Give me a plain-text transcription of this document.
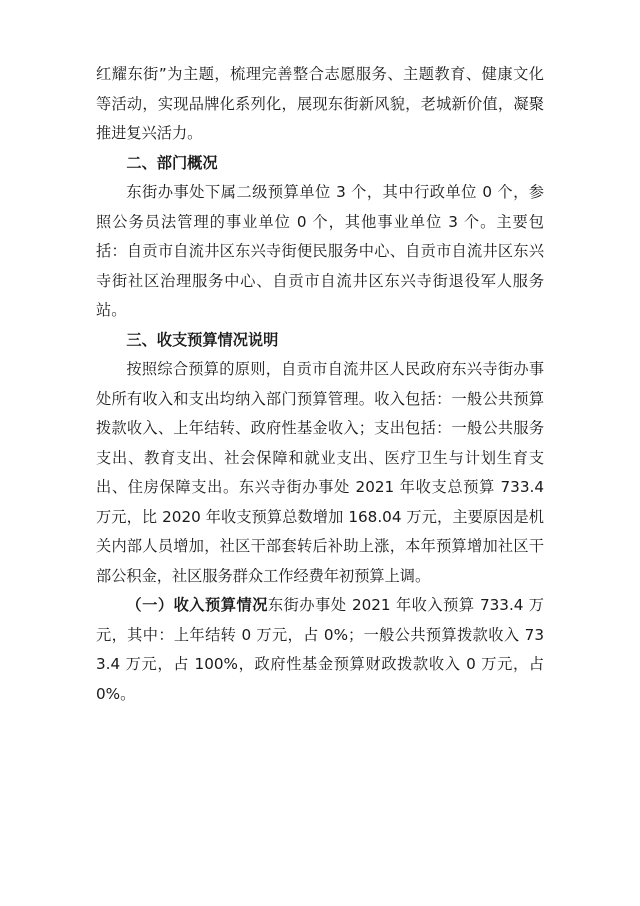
红耀东街”为主题，梳理完善整合志愿服务、主题教育、健康文化等活动，实现品牌化系列化，展现东街新风貌，老城新价值，凝聚推进复兴活力。

二、部门概况

东街办事处下属二级预算单位 3 个，其中行政单位 0 个，参照公务员法管理的事业单位 0 个，其他事业单位 3 个。主要包括：自贡市自流井区东兴寺街便民服务中心、自贡市自流井区东兴寺街社区治理服务中心、自贡市自流井区东兴寺街退役军人服务站。

三、收支预算情况说明

按照综合预算的原则，自贡市自流井区人民政府东兴寺街办事处所有收入和支出均纳入部门预算管理。收入包括：一般公共预算拨款收入、上年结转、政府性基金收入；支出包括：一般公共服务支出、教育支出、社会保障和就业支出、医疗卫生与计划生育支出、住房保障支出。东兴寺街办事处 2021 年收支总预算 733.4 万元，比 2020 年收支预算总数增加 168.04 万元，主要原因是机关内部人员增加，社区干部套转后补助上涨，本年预算增加社区干部公积金，社区服务群众工作经费年初预算上调。

（一）收入预算情况东街办事处 2021 年收入预算 733.4 万元，其中：上年结转 0 万元，占 0%；一般公共预算拨款收入 733.4 万元，占 100%，政府性基金预算财政拨款收入 0 万元，占 0%。
